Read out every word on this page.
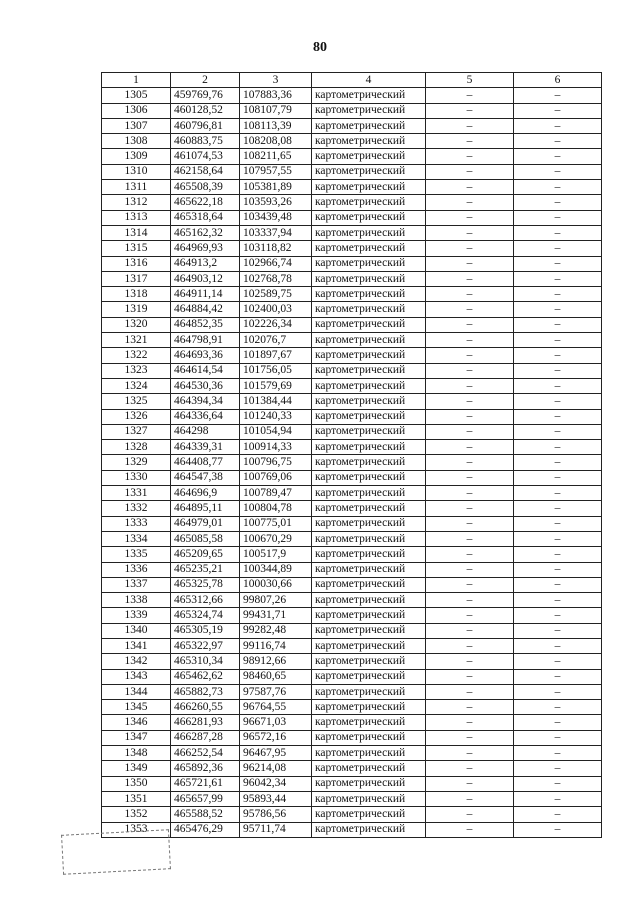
80
1	2	3	4	5	6
1305	459769,76	107883,36	картометрический	–	–
1306	460128,52	108107,79	картометрический	–	–
1307	460796,81	108113,39	картометрический	–	–
1308	460883,75	108208,08	картометрический	–	–
1309	461074,53	108211,65	картометрический	–	–
1310	462158,64	107957,55	картометрический	–	–
1311	465508,39	105381,89	картометрический	–	–
1312	465622,18	103593,26	картометрический	–	–
1313	465318,64	103439,48	картометрический	–	–
1314	465162,32	103337,94	картометрический	–	–
1315	464969,93	103118,82	картометрический	–	–
1316	464913,2	102966,74	картометрический	–	–
1317	464903,12	102768,78	картометрический	–	–
1318	464911,14	102589,75	картометрический	–	–
1319	464884,42	102400,03	картометрический	–	–
1320	464852,35	102226,34	картометрический	–	–
1321	464798,91	102076,7	картометрический	–	–
1322	464693,36	101897,67	картометрический	–	–
1323	464614,54	101756,05	картометрический	–	–
1324	464530,36	101579,69	картометрический	–	–
1325	464394,34	101384,44	картометрический	–	–
1326	464336,64	101240,33	картометрический	–	–
1327	464298	101054,94	картометрический	–	–
1328	464339,31	100914,33	картометрический	–	–
1329	464408,77	100796,75	картометрический	–	–
1330	464547,38	100769,06	картометрический	–	–
1331	464696,9	100789,47	картометрический	–	–
1332	464895,11	100804,78	картометрический	–	–
1333	464979,01	100775,01	картометрический	–	–
1334	465085,58	100670,29	картометрический	–	–
1335	465209,65	100517,9	картометрический	–	–
1336	465235,21	100344,89	картометрический	–	–
1337	465325,78	100030,66	картометрический	–	–
1338	465312,66	99807,26	картометрический	–	–
1339	465324,74	99431,71	картометрический	–	–
1340	465305,19	99282,48	картометрический	–	–
1341	465322,97	99116,74	картометрический	–	–
1342	465310,34	98912,66	картометрический	–	–
1343	465462,62	98460,65	картометрический	–	–
1344	465882,73	97587,76	картометрический	–	–
1345	466260,55	96764,55	картометрический	–	–
1346	466281,93	96671,03	картометрический	–	–
1347	466287,28	96572,16	картометрический	–	–
1348	466252,54	96467,95	картометрический	–	–
1349	465892,36	96214,08	картометрический	–	–
1350	465721,61	96042,34	картометрический	–	–
1351	465657,99	95893,44	картометрический	–	–
1352	465588,52	95786,56	картометрический	–	–
1353	465476,29	95711,74	картометрический	–	–
